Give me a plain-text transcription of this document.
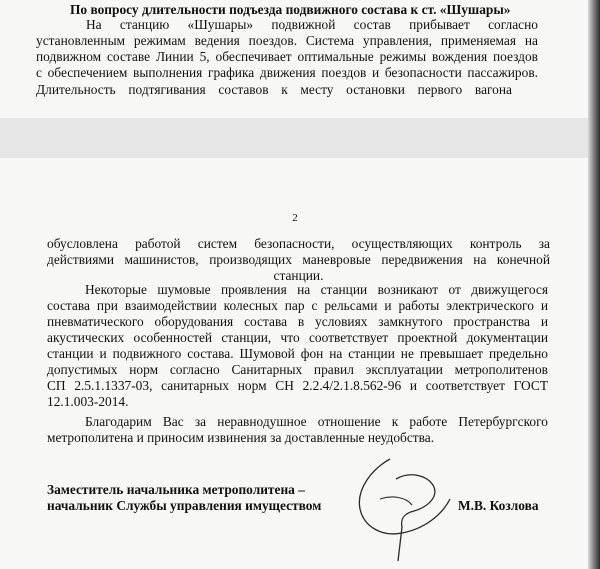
По вопросу длительности подъезда подвижного состава к ст. «Шушары»
На станцию «Шушары» подвижной состав прибывает согласно
установленным режимам ведения поездов. Система управления, применяемая на
подвижном составе Линии 5, обеспечивает оптимальные режимы вождения поездов
с обеспечением выполнения графика движения поездов и безопасности пассажиров.
Длительность подтягивания составов к месту остановки первого вагона
2
обусловлена работой систем безопасности, осуществляющих контроль за
действиями машинистов, производящих маневровые передвижения на конечной
станции.
Некоторые шумовые проявления на станции возникают от движущегося
состава при взаимодействии колесных пар с рельсами и работы электрического и
пневматического оборудования состава в условиях замкнутого пространства и
акустических особенностей станции, что соответствует проектной документации
станции и подвижного состава. Шумовой фон на станции не превышает предельно
допустимых норм согласно Санитарных правил эксплуатации метрополитенов
СП 2.5.1.1337-03, санитарных норм СН 2.2.4/2.1.8.562-96 и соответствует ГОСТ
12.1.003-2014.
Благодарим Вас за неравнодушное отношение к работе Петербургского
метрополитена и приносим извинения за доставленные неудобства.
Заместитель начальника метрополитена –
начальник Службы управления имуществом	М.В. Козлова
